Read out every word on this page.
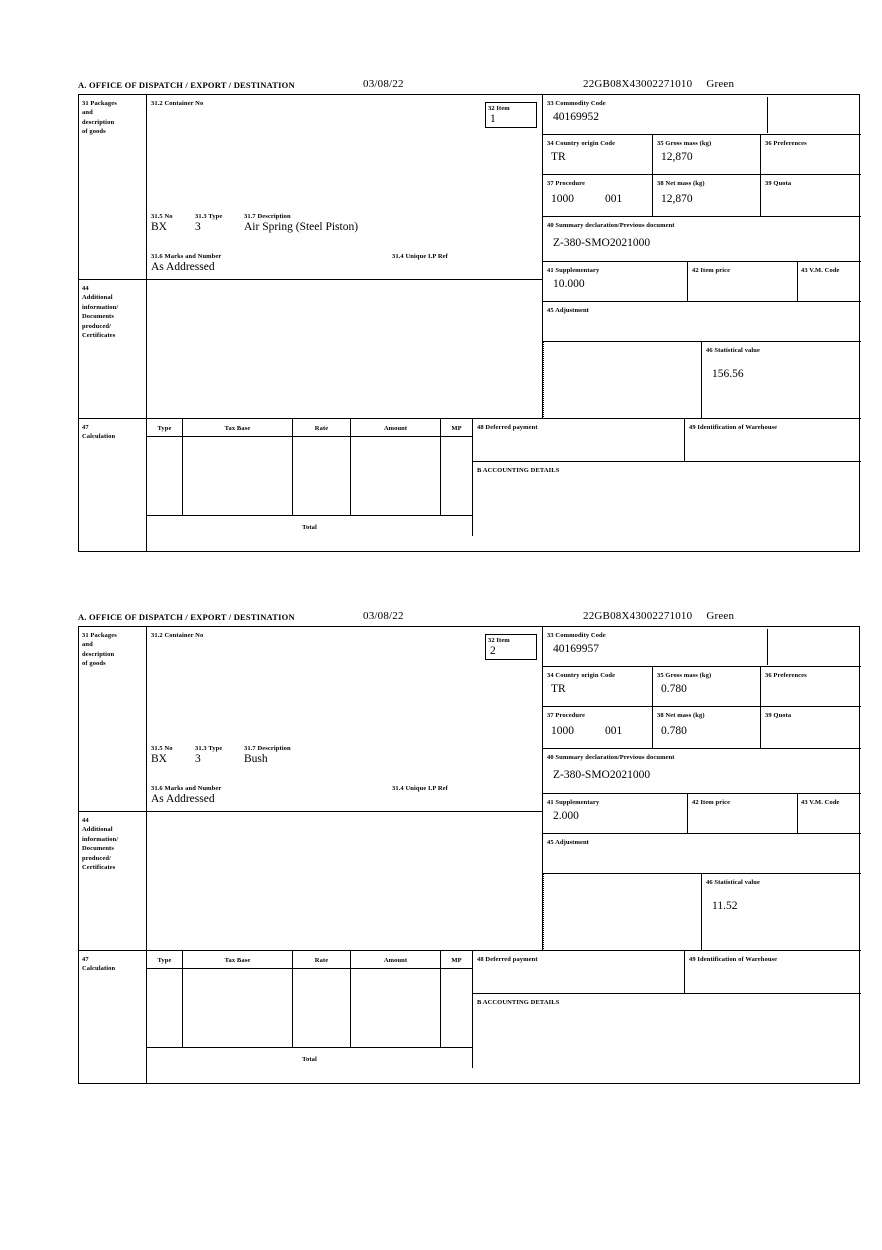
A. OFFICE OF DISPATCH / EXPORT / DESTINATION	03/08/22	22GB08X43002271010 Green
31 Packages
and
description
of goods
31.2 Container No
31.5 No	31.3 Type	31.7 Description
BX 3	Air Spring (Steel Piston)
31.6 Marks and Number	31.4 Unique I.P Ref
As Addressed
32 Item
1
33 Commodity Code
40169952
34 Country origin Code
TR
35 Gross mass (kg)
12,870
36 Preferences
37 Procedure
1000	001
38 Net mass (kg)
12,870
39 Quota
40 Summary declaration/Previous document
Z-380-SMO2021000
41 Supplementary
10.000
42 Item price	43 V.M. Code
45 Adjustment
44
Additional
information/
Documents
produced/
Certificates
46 Statistical value
156.56
47
Calculation
Type	Tax Base	Rate	Amount	MP
Total
48 Deferred payment	49 Identification of Warehouse
B ACCOUNTING DETAILS
A. OFFICE OF DISPATCH / EXPORT / DESTINATION	03/08/22	22GB08X43002271010 Green
31 Packages
and
description
of goods
31.2 Container No
31.5 No	31.3 Type	31.7 Description
BX 3	Bush
31.6 Marks and Number	31.4 Unique I.P Ref
As Addressed
32 Item
2
33 Commodity Code
40169957
34 Country origin Code
TR
35 Gross mass (kg)
0.780
36 Preferences
37 Procedure
1000	001
38 Net mass (kg)
0.780
39 Quota
40 Summary declaration/Previous document
Z-380-SMO2021000
41 Supplementary
2.000
42 Item price	43 V.M. Code
45 Adjustment
44
Additional
information/
Documents
produced/
Certificates
46 Statistical value
11.52
47
Calculation
Type	Tax Base	Rate	Amount	MP
Total
48 Deferred payment	49 Identification of Warehouse
B ACCOUNTING DETAILS
